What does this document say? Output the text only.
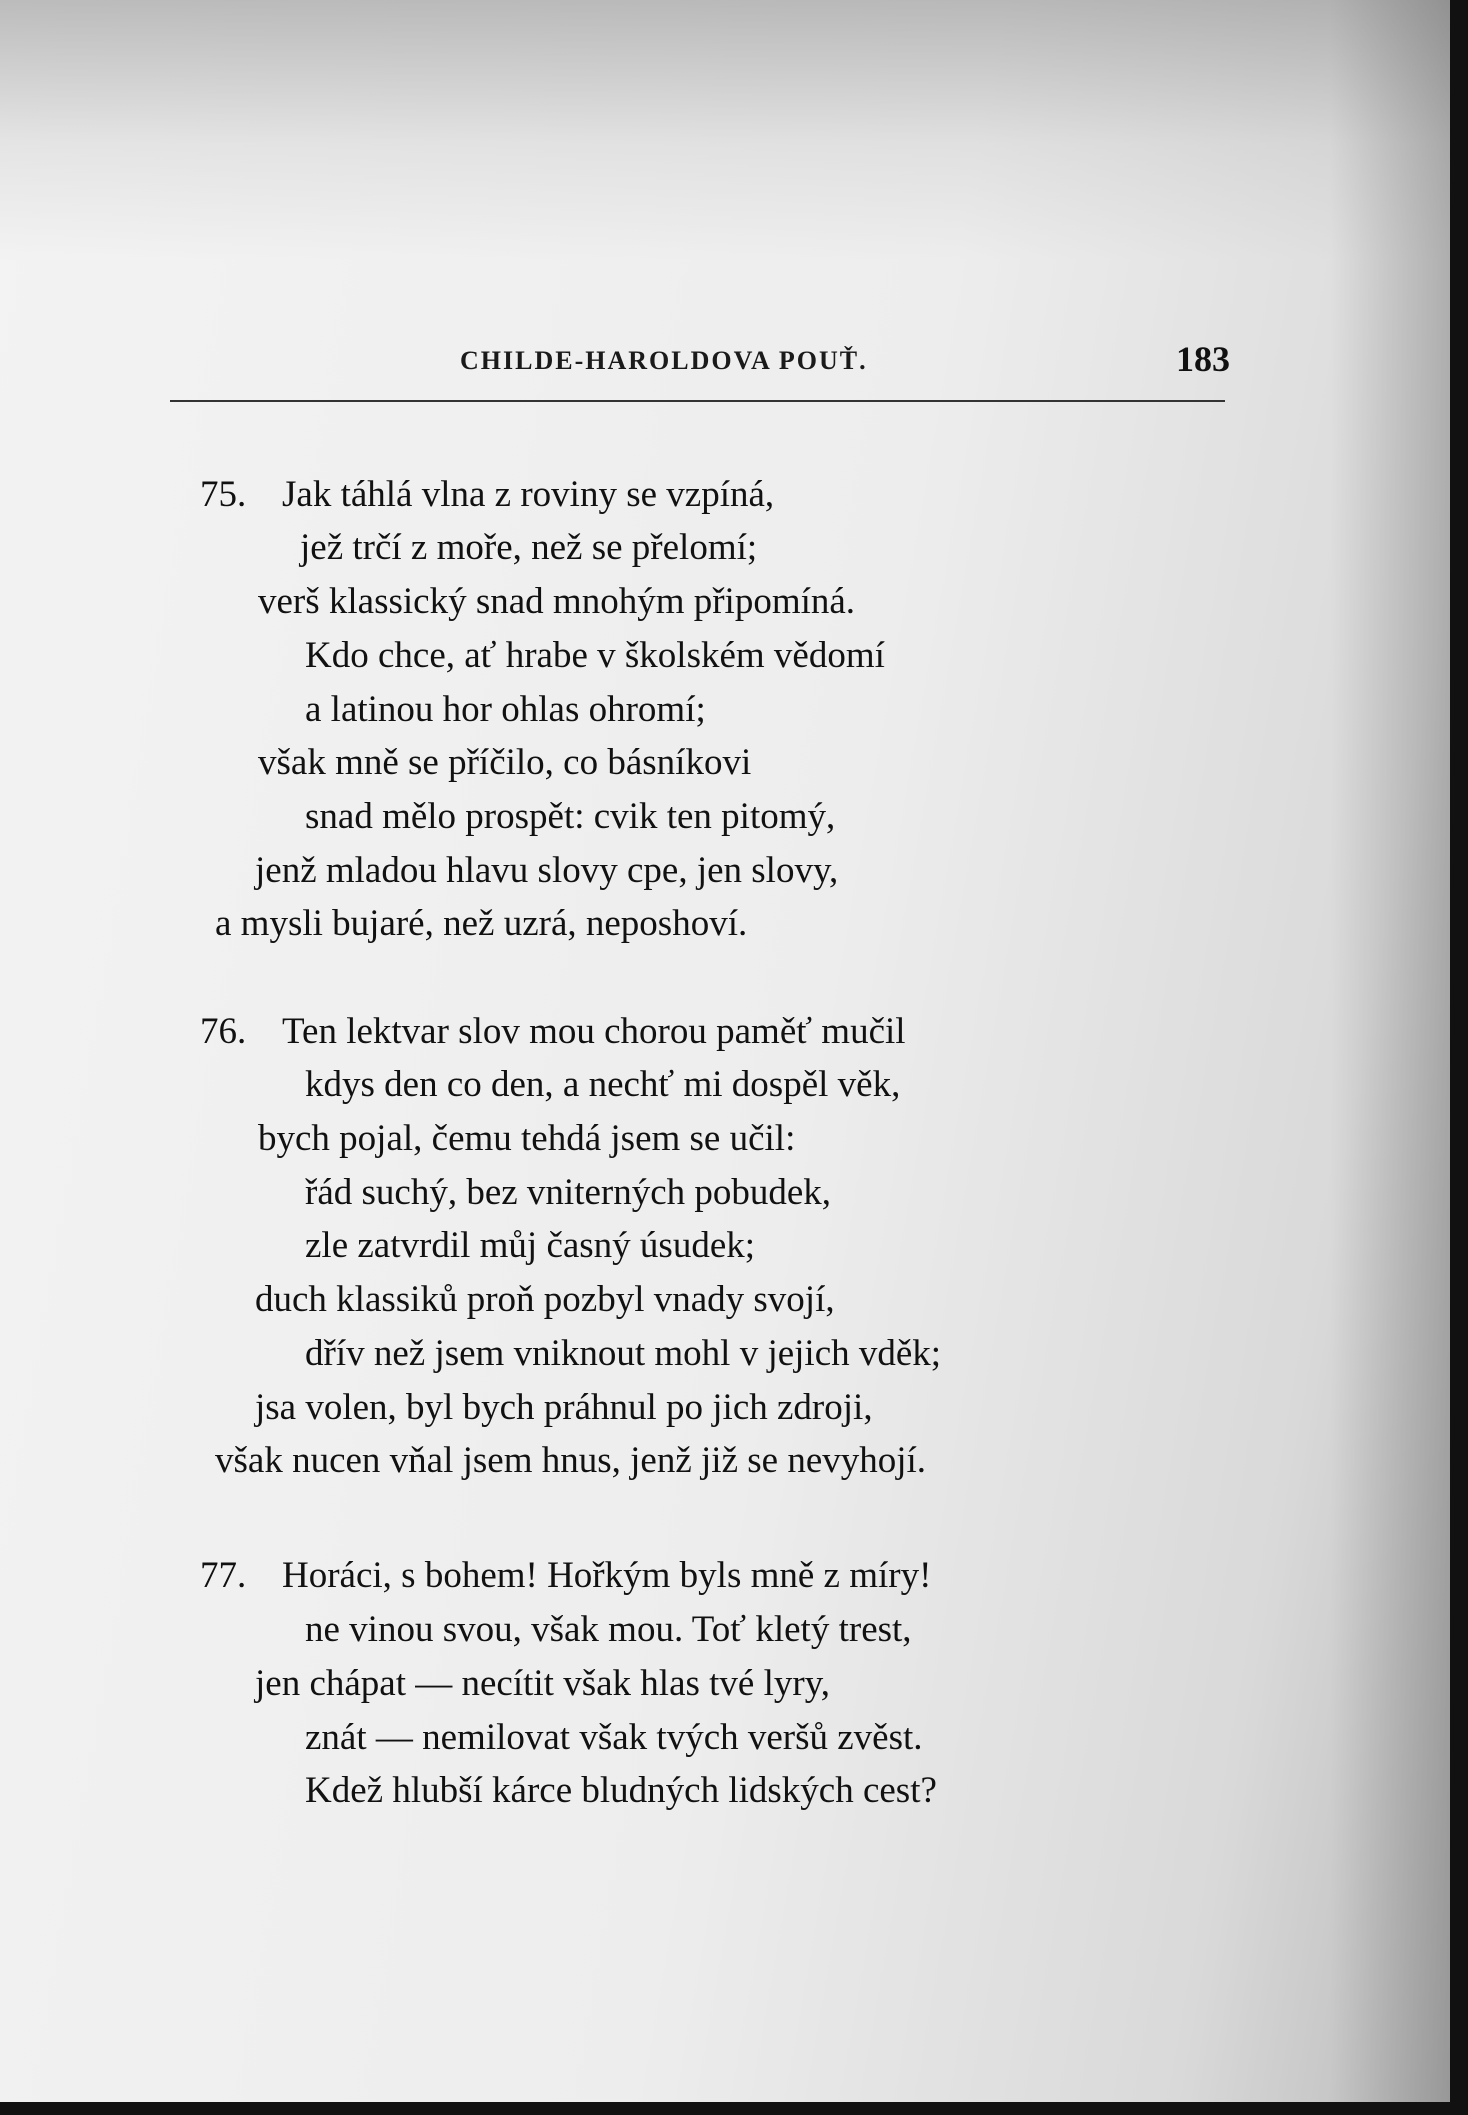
CHILDE-HAROLDOVA POUŤ.	183
75. Jak táhlá vlna z roviny se vzpíná,
jež trčí z moře, než se přelomí;
verš klassický snad mnohým připomíná.
Kdo chce, ať hrabe v školském vědomí
a latinou hor ohlas ohromí;
však mně se příčilo, co básníkovi
snad mělo prospět: cvik ten pitomý,
jenž mladou hlavu slovy cpe, jen slovy,
a mysli bujaré, než uzrá, neposhoví.
76. Ten lektvar slov mou chorou paměť mučil
kdys den co den, a nechť mi dospěl věk,
bych pojal, čemu tehdá jsem se učil:
řád suchý, bez vniterných pobudek,
zle zatvrdil můj časný úsudek;
duch klassiků proň pozbyl vnady svojí,
dřív než jsem vniknout mohl v jejich vděk;
jsa volen, byl bych práhnul po jich zdroji,
však nucen vňal jsem hnus, jenž již se nevyhojí.
77. Horáci, s bohem! Hořkým byls mně z míry!
ne vinou svou, však mou. Toť kletý trest,
jen chápat — necítit však hlas tvé lyry,
znát — nemilovat však tvých veršů zvěst.
Kdež hlubší kárce bludných lidských cest?
